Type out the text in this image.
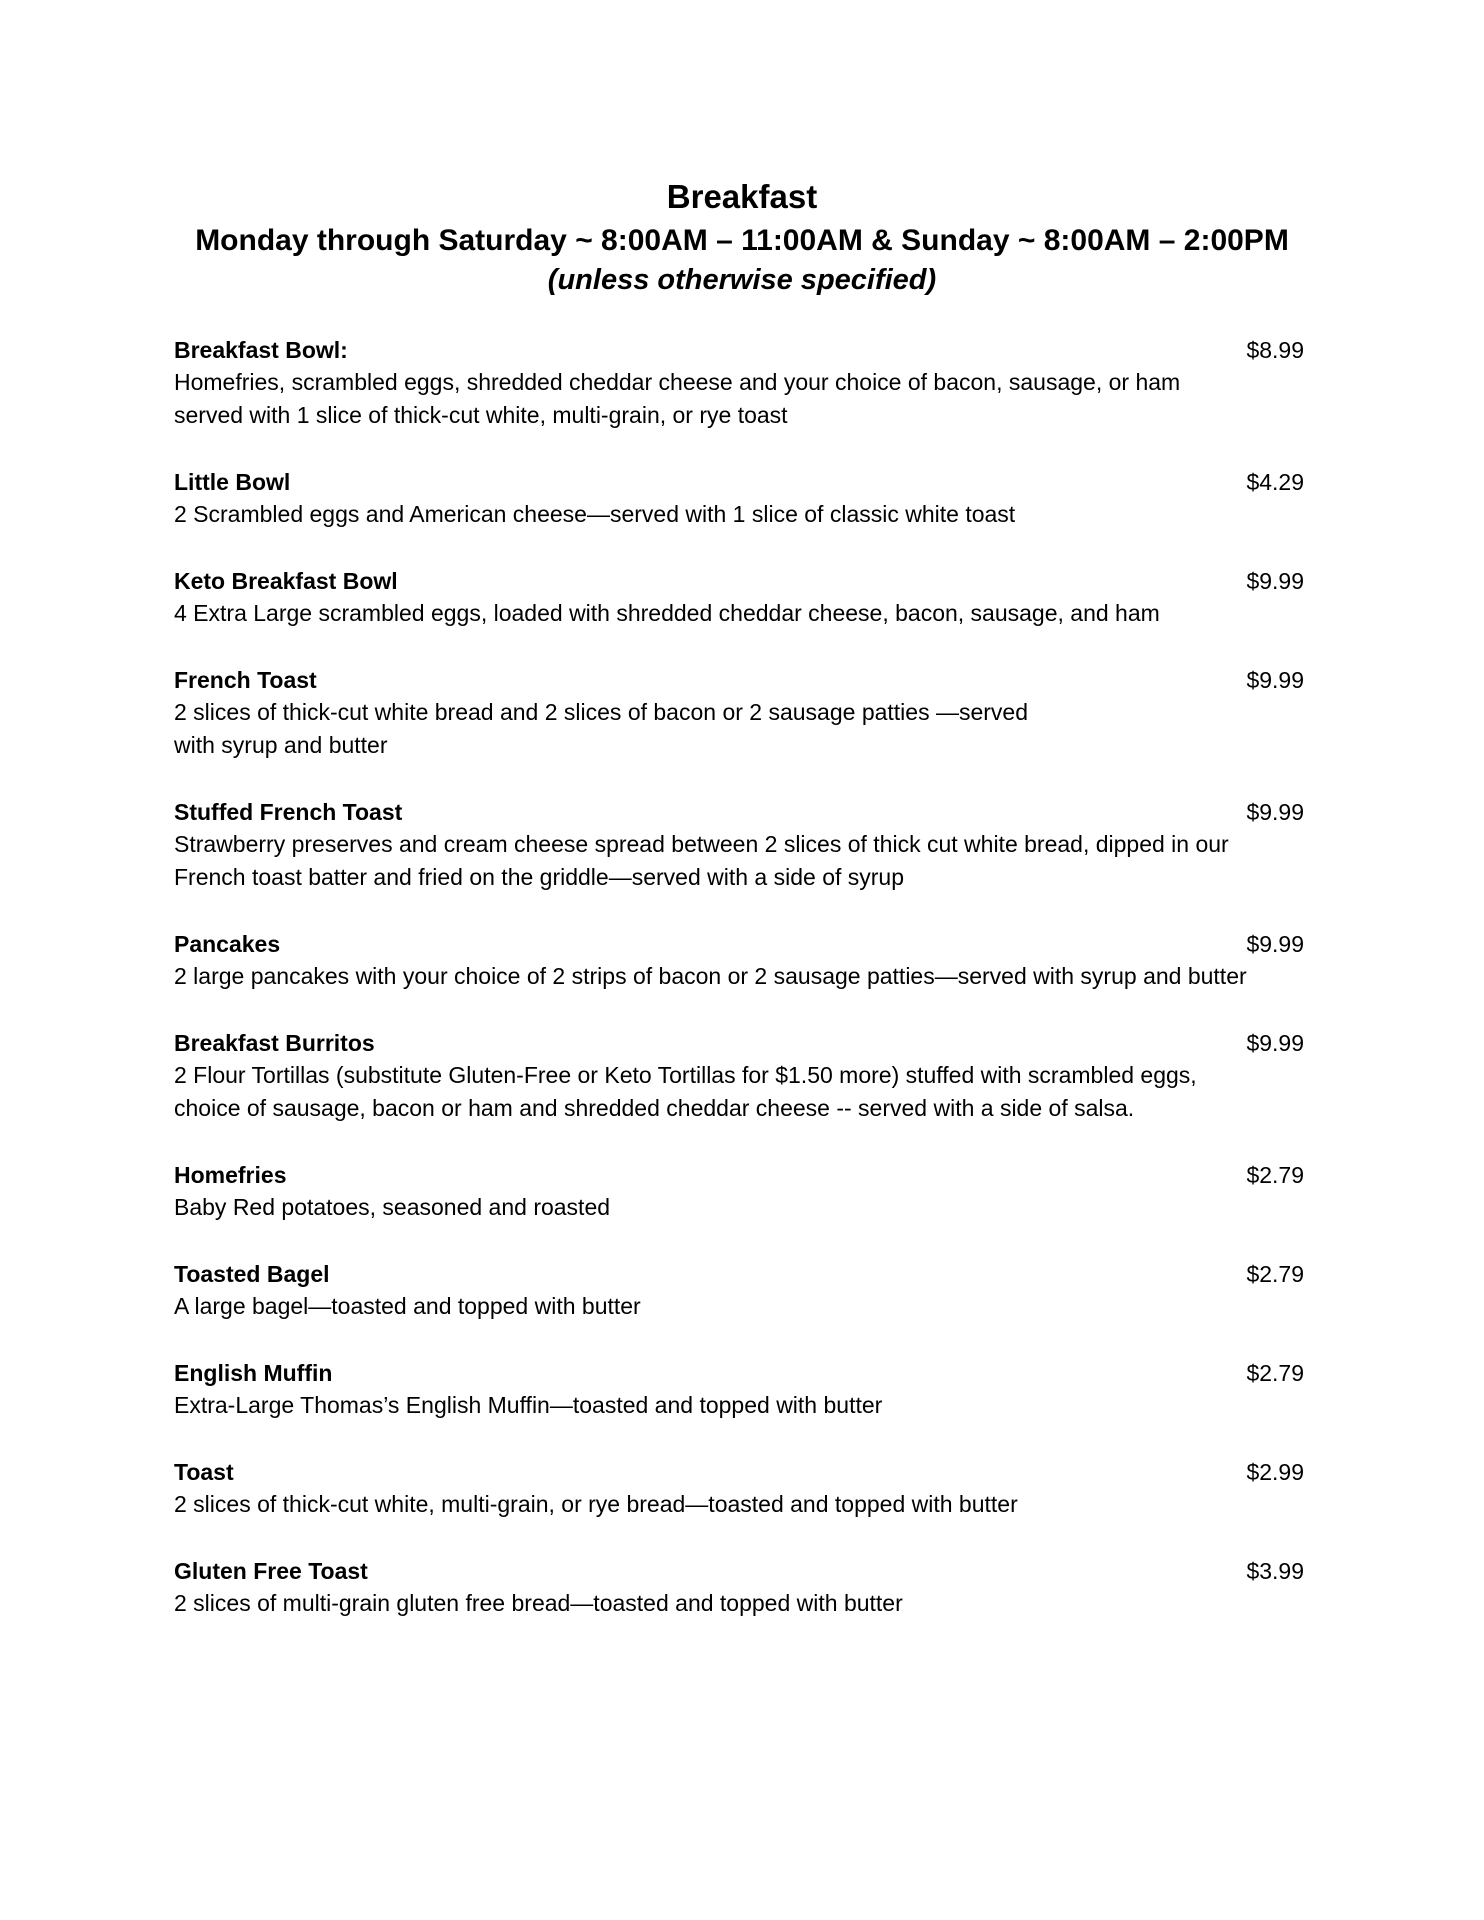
Breakfast
Monday through Saturday ~ 8:00AM – 11:00AM & Sunday ~ 8:00AM – 2:00PM
(unless otherwise specified)
Breakfast Bowl:	$8.99
Homefries, scrambled eggs, shredded cheddar cheese and your choice of bacon, sausage, or ham
served with 1 slice of thick-cut white, multi-grain, or rye toast
Little Bowl	$4.29
2 Scrambled eggs and American cheese—served with 1 slice of classic white toast
Keto Breakfast Bowl	$9.99
4 Extra Large scrambled eggs, loaded with shredded cheddar cheese, bacon, sausage, and ham
French Toast	$9.99
2 slices of thick-cut white bread and 2 slices of bacon or 2 sausage patties —served
with syrup and butter
Stuffed French Toast	$9.99
Strawberry preserves and cream cheese spread between 2 slices of thick cut white bread, dipped in our
French toast batter and fried on the griddle—served with a side of syrup
Pancakes	$9.99
2 large pancakes with your choice of 2 strips of bacon or 2 sausage patties—served with syrup and butter
Breakfast Burritos	$9.99
2 Flour Tortillas (substitute Gluten-Free or Keto Tortillas for $1.50 more) stuffed with scrambled eggs,
choice of sausage, bacon or ham and shredded cheddar cheese -- served with a side of salsa.
Homefries	$2.79
Baby Red potatoes, seasoned and roasted
Toasted Bagel	$2.79
A large bagel—toasted and topped with butter
English Muffin	$2.79
Extra-Large Thomas’s English Muffin—toasted and topped with butter
Toast	$2.99
2 slices of thick-cut white, multi-grain, or rye bread—toasted and topped with butter
Gluten Free Toast	$3.99
2 slices of multi-grain gluten free bread—toasted and topped with butter
